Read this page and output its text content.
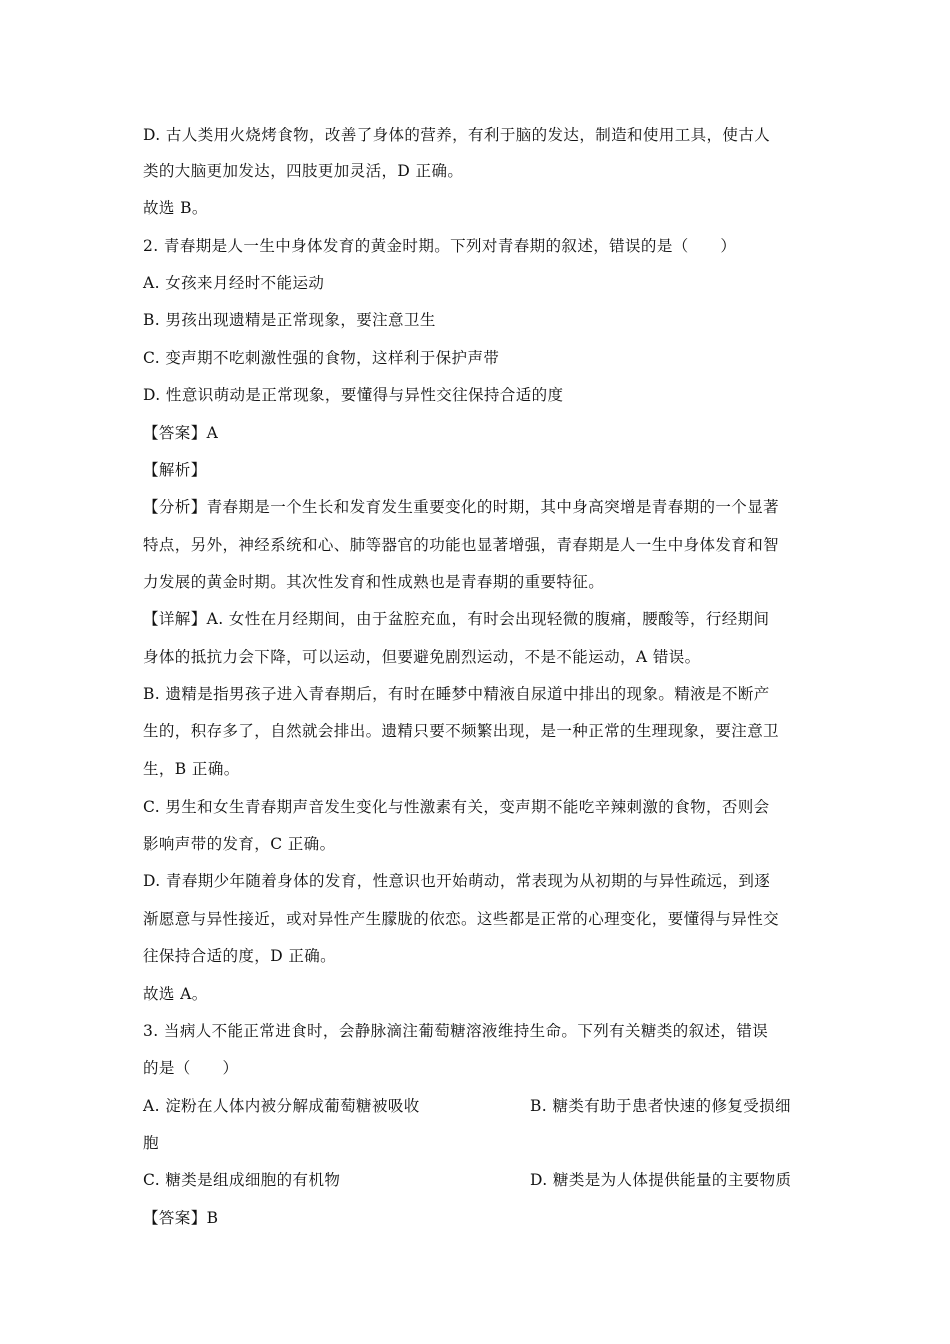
D. 古人类用火烧烤食物，改善了身体的营养，有利于脑的发达，制造和使用工具，使古人
类的大脑更加发达，四肢更加灵活，D 正确。
故选 B。
2. 青春期是人一生中身体发育的黄金时期。下列对青春期的叙述，错误的是（　　）
A. 女孩来月经时不能运动
B. 男孩出现遗精是正常现象，要注意卫生
C. 变声期不吃刺激性强的食物，这样利于保护声带
D. 性意识萌动是正常现象，要懂得与异性交往保持合适的度
【答案】A
【解析】
【分析】青春期是一个生长和发育发生重要变化的时期，其中身高突增是青春期的一个显著
特点，另外，神经系统和心、肺等器官的功能也显著增强，青春期是人一生中身体发育和智
力发展的黄金时期。其次性发育和性成熟也是青春期的重要特征。
【详解】A. 女性在月经期间，由于盆腔充血，有时会出现轻微的腹痛，腰酸等，行经期间
身体的抵抗力会下降，可以运动，但要避免剧烈运动，不是不能运动，A 错误。
B. 遗精是指男孩子进入青春期后，有时在睡梦中精液自尿道中排出的现象。精液是不断产
生的，积存多了，自然就会排出。遗精只要不频繁出现，是一种正常的生理现象，要注意卫
生，B 正确。
C. 男生和女生青春期声音发生变化与性激素有关，变声期不能吃辛辣刺激的食物，否则会
影响声带的发育，C 正确。
D. 青春期少年随着身体的发育，性意识也开始萌动，常表现为从初期的与异性疏远，到逐
渐愿意与异性接近，或对异性产生朦胧的依恋。这些都是正常的心理变化，要懂得与异性交
往保持合适的度，D 正确。
故选 A。
3. 当病人不能正常进食时，会静脉滴注葡萄糖溶液维持生命。下列有关糖类的叙述，错误
的是（　　）
A. 淀粉在人体内被分解成葡萄糖被吸收	B. 糖类有助于患者快速的修复受损细
胞
C. 糖类是组成细胞的有机物	D. 糖类是为人体提供能量的主要物质
【答案】B
